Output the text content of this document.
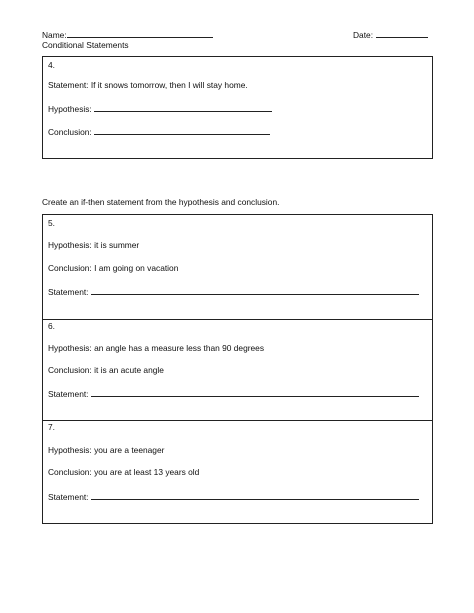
Name:	Date:
Conditional Statements
4.
Statement: If it snows tomorrow, then I will stay home.
Hypothesis:
Conclusion:
Create an if-then statement from the hypothesis and conclusion.
5.
Hypothesis: it is summer
Conclusion: I am going on vacation
Statement:
6.
Hypothesis: an angle has a measure less than 90 degrees
Conclusion: it is an acute angle
Statement:
7.
Hypothesis: you are a teenager
Conclusion: you are at least 13 years old
Statement:
